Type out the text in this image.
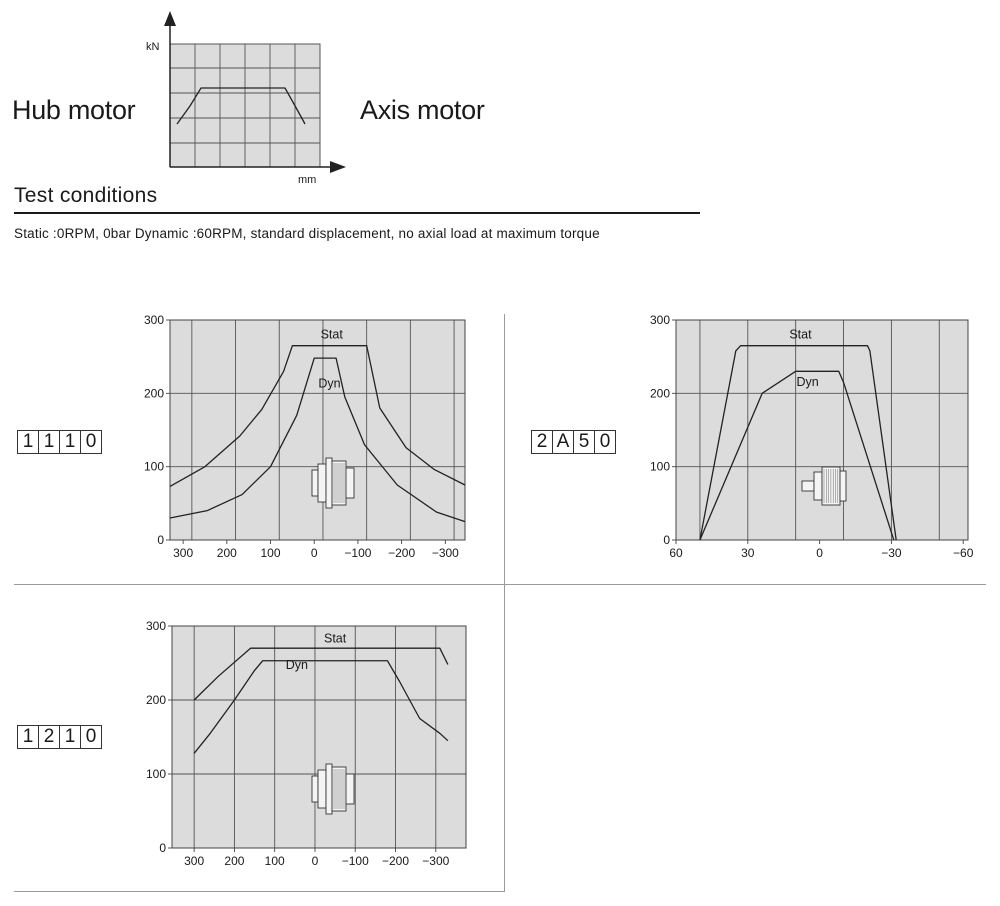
Hub motor	Axis motor
kN
mm
Test conditions
Static :0RPM, 0bar Dynamic :60RPM, standard displacement, no axial load at maximum torque
1 1 1 0	2 A 5 0
1 2 1 0
0
100
200
300
300 200 100	0 −100 −200 −300
Stat
Dyn
0
100
200
300
60	30	0	−30	−60
Stat
Dyn
0
100
200
300
300 200 100 0 −100 −200 −300
Stat
Dyn
